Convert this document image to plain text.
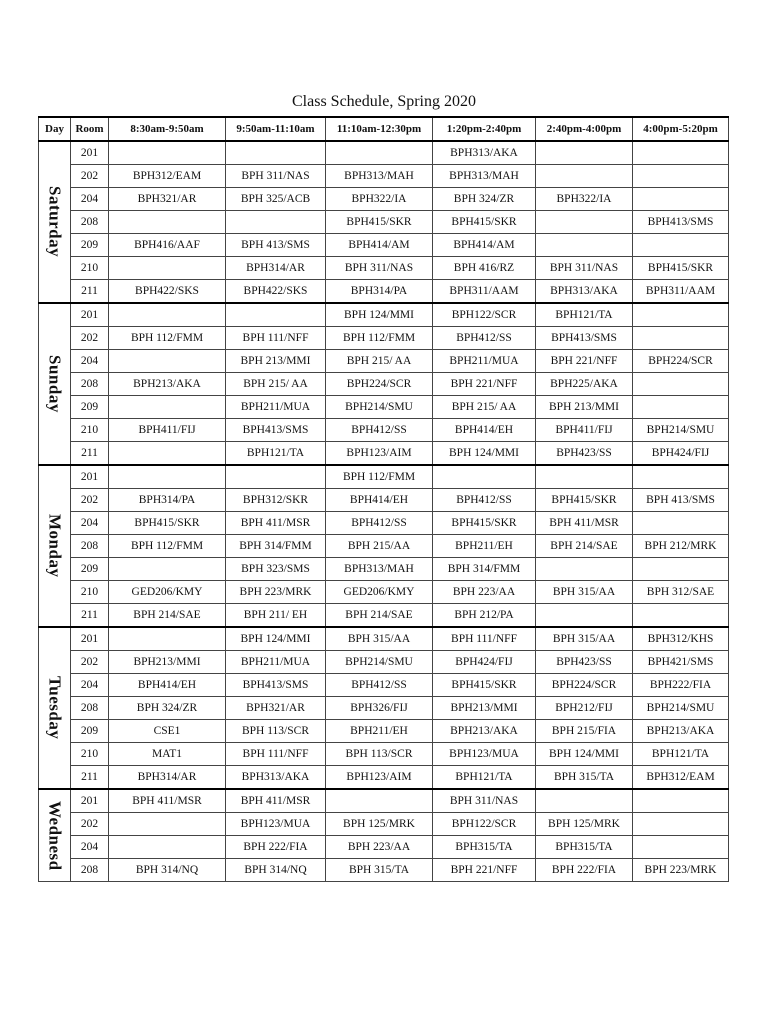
Class Schedule, Spring 2020
Day	Room	8:30am-9:50am	9:50am-11:10am	11:10am-12:30pm	1:20pm-2:40pm	2:40pm-4:00pm	4:00pm-5:20pm

Saturday	201				BPH313/AKA		
	202	BPH312/EAM	BPH 311/NAS	BPH313/MAH	BPH313/MAH		
	204	BPH321/AR	BPH 325/ACB	BPH322/IA	BPH 324/ZR	BPH322/IA	
	208			BPH415/SKR	BPH415/SKR		BPH413/SMS
	209	BPH416/AAF	BPH 413/SMS	BPH414/AM	BPH414/AM		
	210		BPH314/AR	BPH 311/NAS	BPH 416/RZ	BPH 311/NAS	BPH415/SKR
	211	BPH422/SKS	BPH422/SKS	BPH314/PA	BPH311/AAM	BPH313/AKA	BPH311/AAM

Sunday	201			BPH 124/MMI	BPH122/SCR	BPH121/TA	
	202	BPH 112/FMM	BPH 111/NFF	BPH 112/FMM	BPH412/SS	BPH413/SMS	
	204		BPH 213/MMI	BPH 215/ AA	BPH211/MUA	BPH 221/NFF	BPH224/SCR
	208	BPH213/AKA	BPH 215/ AA	BPH224/SCR	BPH 221/NFF	BPH225/AKA	
	209		BPH211/MUA	BPH214/SMU	BPH 215/ AA	BPH 213/MMI	
	210	BPH411/FIJ	BPH413/SMS	BPH412/SS	BPH414/EH	BPH411/FIJ	BPH214/SMU
	211		BPH121/TA	BPH123/AIM	BPH 124/MMI	BPH423/SS	BPH424/FIJ

Monday	201			BPH 112/FMM			
	202	BPH314/PA	BPH312/SKR	BPH414/EH	BPH412/SS	BPH415/SKR	BPH 413/SMS
	204	BPH415/SKR	BPH 411/MSR	BPH412/SS	BPH415/SKR	BPH 411/MSR	
	208	BPH 112/FMM	BPH 314/FMM	BPH 215/AA	BPH211/EH	BPH 214/SAE	BPH 212/MRK
	209		BPH 323/SMS	BPH313/MAH	BPH 314/FMM		
	210	GED206/KMY	BPH 223/MRK	GED206/KMY	BPH 223/AA	BPH 315/AA	BPH 312/SAE
	211	BPH 214/SAE	BPH 211/ EH	BPH 214/SAE	BPH 212/PA		

Tuesday	201		BPH 124/MMI	BPH 315/AA	BPH 111/NFF	BPH 315/AA	BPH312/KHS
	202	BPH213/MMI	BPH211/MUA	BPH214/SMU	BPH424/FIJ	BPH423/SS	BPH421/SMS
	204	BPH414/EH	BPH413/SMS	BPH412/SS	BPH415/SKR	BPH224/SCR	BPH222/FIA
	208	BPH 324/ZR	BPH321/AR	BPH326/FIJ	BPH213/MMI	BPH212/FIJ	BPH214/SMU
	209	CSE1	BPH 113/SCR	BPH211/EH	BPH213/AKA	BPH 215/FIA	BPH213/AKA
	210	MAT1	BPH 111/NFF	BPH 113/SCR	BPH123/MUA	BPH 124/MMI	BPH121/TA
	211	BPH314/AR	BPH313/AKA	BPH123/AIM	BPH121/TA	BPH 315/TA	BPH312/EAM

Wednesd	201	BPH 411/MSR	BPH 411/MSR		BPH 311/NAS		
	202		BPH123/MUA	BPH 125/MRK	BPH122/SCR	BPH 125/MRK	
	204		BPH 222/FIA	BPH 223/AA	BPH315/TA	BPH315/TA	
	208	BPH 314/NQ	BPH 314/NQ	BPH 315/TA	BPH 221/NFF	BPH 222/FIA	BPH 223/MRK
